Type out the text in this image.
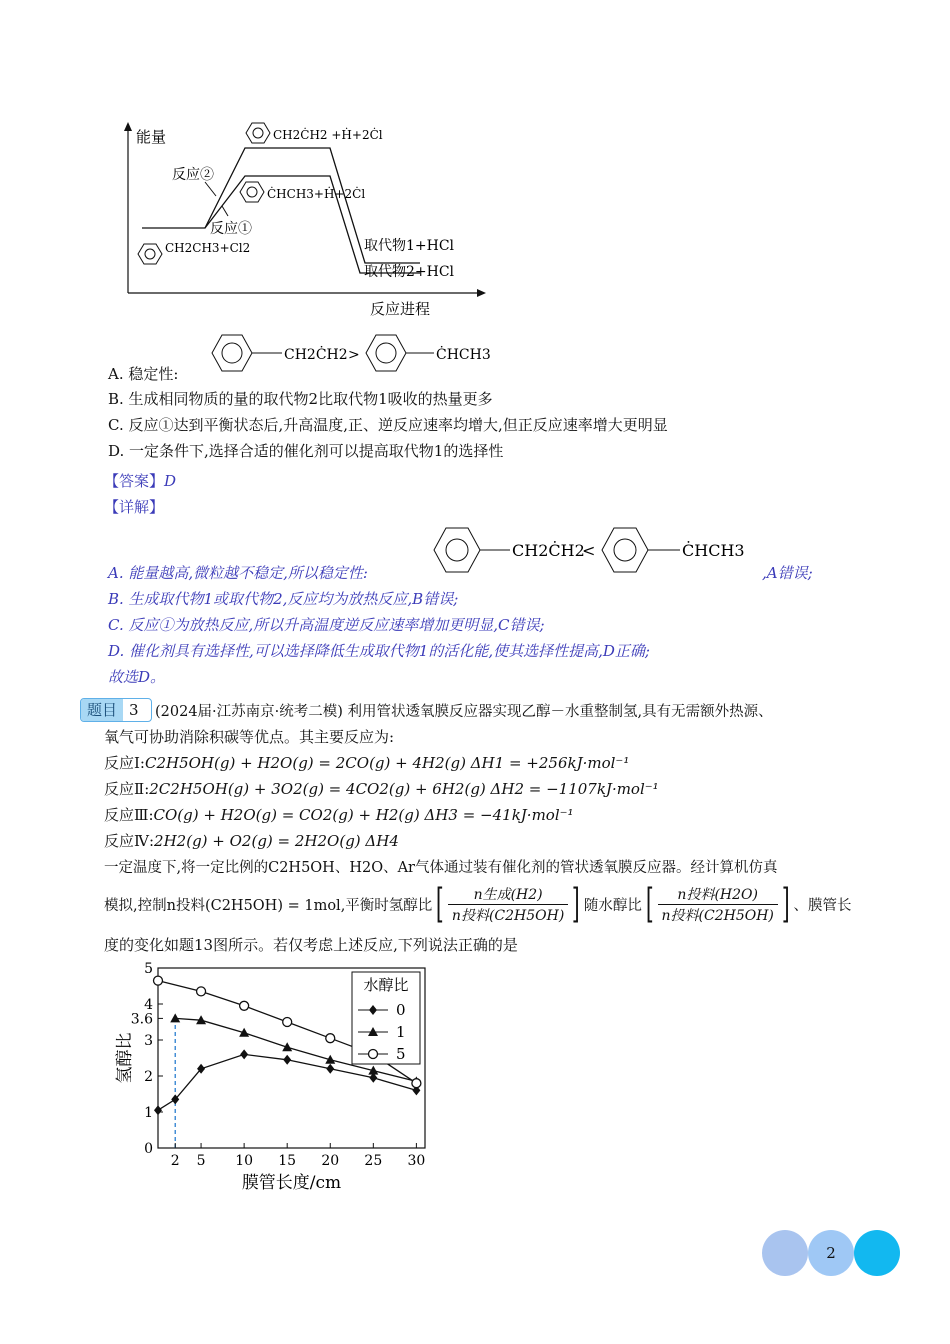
能量
反应进程
CH2CH3+Cl2
CH2ĊH2 +Ḣ+2Ċl
ĊHCH3+Ḣ+2Ċl
反应②
反应①
取代物1+HCl
取代物2+HCl
A. 稳定性:
CH2ĊH2 >	ĊHCH3
B. 生成相同物质的量的取代物2比取代物1吸收的热量更多
C. 反应①达到平衡状态后,升高温度,正、逆反应速率均增大,但正反应速率增大更明显
D. 一定条件下,选择合适的催化剂可以提高取代物1的选择性
【答案】D
【详解】
A. 能量越高,微粒越不稳定,所以稳定性:
CH2ĊH2
<	ĊHCH3
,A错误;
B. 生成取代物1或取代物2,反应均为放热反应,B错误;
C. 反应①为放热反应,所以升高温度逆反应速率增加更明显,C错误;
D. 催化剂具有选择性,可以选择降低生成取代物1的活化能,使其选择性提高,D正确;
故选D。
题目 3	(2024届·江苏南京·统考二模) 利用管状透氧膜反应器实现乙醇－水重整制氢,具有无需额外热源、
氧气可协助消除积碳等优点。其主要反应为:
反应Ⅰ:C2H5OH(g) + H2O(g) = 2CO(g) + 4H2(g) ΔH1 = +256kJ·mol⁻¹
反应Ⅱ:2C2H5OH(g) + 3O2(g) = 4CO2(g) + 6H2(g) ΔH2 = −1107kJ·mol⁻¹
反应Ⅲ:CO(g) + H2O(g) = CO2(g) + H2(g) ΔH3 = −41kJ·mol⁻¹
反应Ⅳ:2H2(g) + O2(g) = 2H2O(g) ΔH4
一定温度下,将一定比例的C2H5OH、H2O、Ar气体通过装有催化剂的管状透氧膜反应器。经计算机仿真
模拟,控制n投料(C2H5OH) = 1mol,平衡时氢醇比 [ $\frac{\text{n生成(H2)}}{\text{n投料(C2H5OH)}}$ ] 随水醇比 [ $\frac{\text{n投料(H2O)}}{\text{n投料(C2H5OH)}}$ ] 、膜管长
度的变化如题13图所示。若仅考虑上述反应,下列说法正确的是
2 5 10 15 20 25 30
0
1
2
3
3.6
4
5
膜管长度/cm
氢醇比
水醇比
0
1
5
2
